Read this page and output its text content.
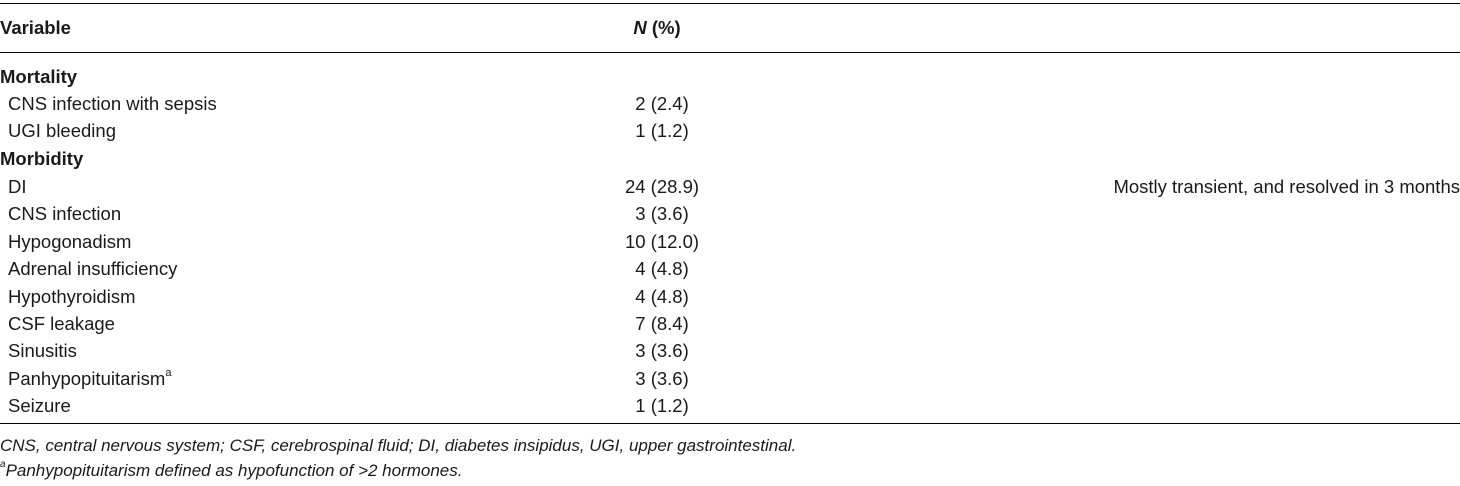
Variable	N (%)
Mortality
CNS infection with sepsis	2 (2.4)
UGI bleeding	1 (1.2)
Morbidity
DI	24 (28.9)	Mostly transient, and resolved in 3 months
CNS infection	3 (3.6)
Hypogonadism	10 (12.0)
Adrenal insufficiency	4 (4.8)
Hypothyroidism	4 (4.8)
CSF leakage	7 (8.4)
Sinusitis	3 (3.6)
Panhypopituitarism$^a$	3 (3.6)
Seizure	1 (1.2)
CNS, central nervous system; CSF, cerebrospinal fluid; DI, diabetes insipidus, UGI, upper gastrointestinal.
$^a$Panhypopituitarism defined as hypofunction of >2 hormones.
